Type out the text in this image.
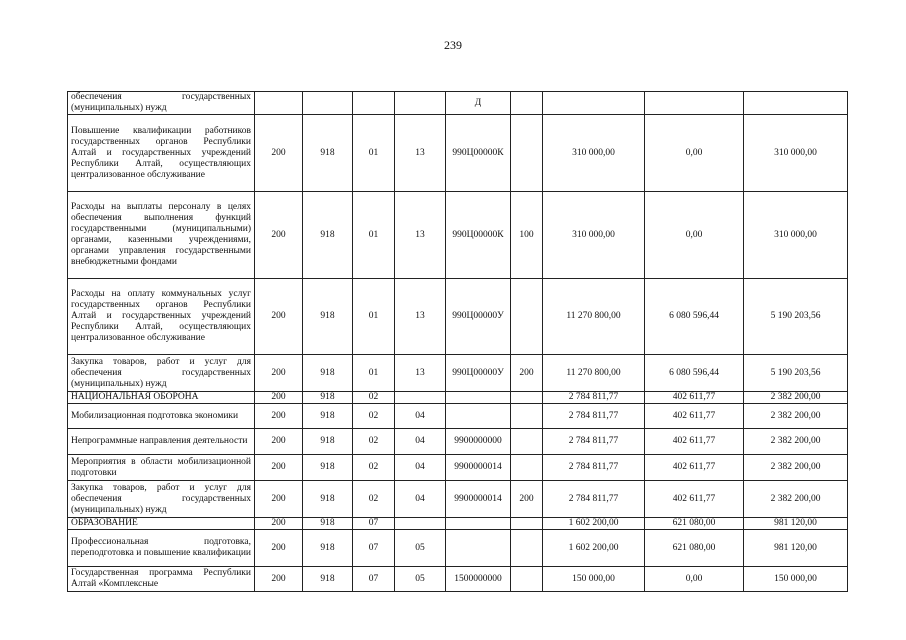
239
обеспечения государственных (муниципальных) нужд					Д				
Повышение квалификации работников государственных органов Республики Алтай и государственных учреждений Республики Алтай, осуществляющих централизованное обслуживание	200	918	01	13	990Ц00000К		310 000,00	0,00	310 000,00
Расходы на выплаты персоналу в целях обеспечения выполнения функций государственными (муниципальными) органами, казенными учреждениями, органами управления государственными внебюджетными фондами	200	918	01	13	990Ц00000К	100	310 000,00	0,00	310 000,00
Расходы на оплату коммунальных услуг государственных органов Республики Алтай и государственных учреждений Республики Алтай, осуществляющих централизованное обслуживание	200	918	01	13	990Ц00000У		11 270 800,00	6 080 596,44	5 190 203,56
Закупка товаров, работ и услуг для обеспечения государственных (муниципальных) нужд	200	918	01	13	990Ц00000У	200	11 270 800,00	6 080 596,44	5 190 203,56
НАЦИОНАЛЬНАЯ ОБОРОНА	200	918	02				2 784 811,77	402 611,77	2 382 200,00
Мобилизационная подготовка экономики	200	918	02	04			2 784 811,77	402 611,77	2 382 200,00
Непрограммные направления деятельности	200	918	02	04	9900000000		2 784 811,77	402 611,77	2 382 200,00
Мероприятия в области мобилизационной подготовки	200	918	02	04	9900000014		2 784 811,77	402 611,77	2 382 200,00
Закупка товаров, работ и услуг для обеспечения государственных (муниципальных) нужд	200	918	02	04	9900000014	200	2 784 811,77	402 611,77	2 382 200,00
ОБРАЗОВАНИЕ	200	918	07				1 602 200,00	621 080,00	981 120,00
Профессиональная подготовка, переподготовка и повышение квалификации	200	918	07	05			1 602 200,00	621 080,00	981 120,00
Государственная программа Республики Алтай «Комплексные	200	918	07	05	1500000000		150 000,00	0,00	150 000,00
